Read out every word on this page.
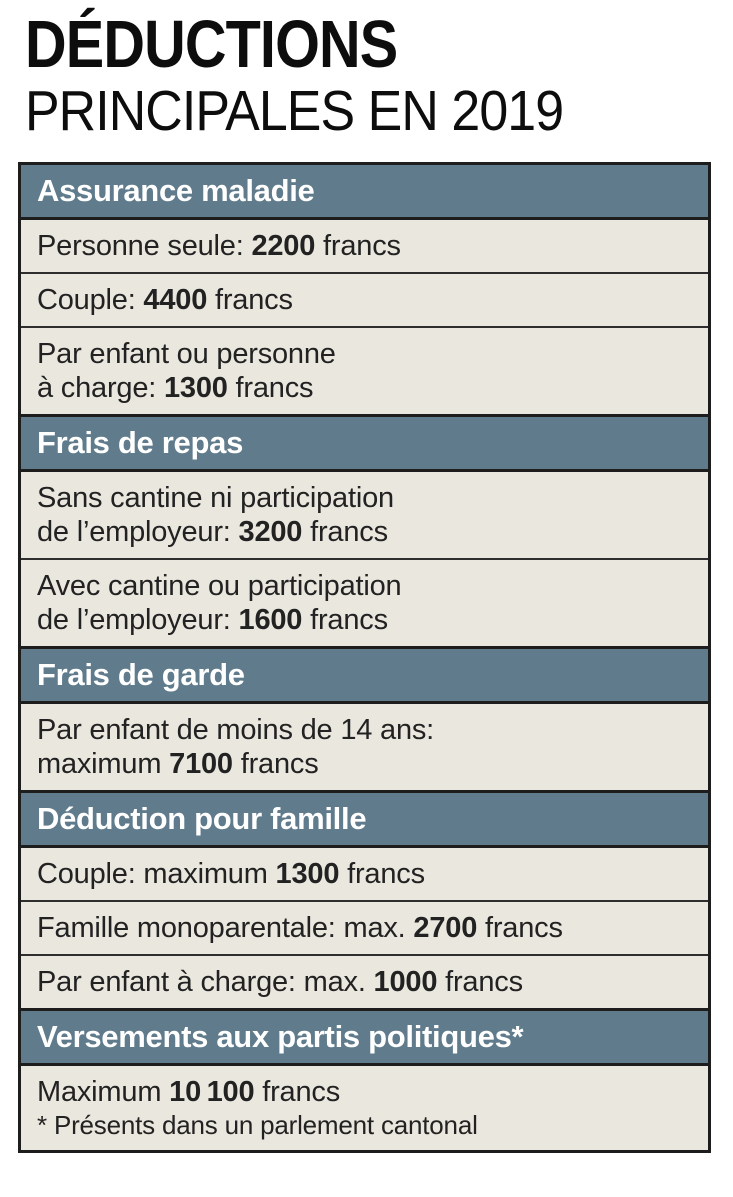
DÉDUCTIONS
PRINCIPALES EN 2019
Assurance maladie
Personne seule: 2200 francs
Couple: 4400 francs
Par enfant ou personne
à charge: 1300 francs
Frais de repas
Sans cantine ni participation
de l’employeur: 3200 francs
Avec cantine ou participation
de l’employeur: 1600 francs
Frais de garde
Par enfant de moins de 14 ans:
maximum 7100 francs
Déduction pour famille
Couple: maximum 1300 francs
Famille monoparentale: max. 2700 francs
Par enfant à charge: max. 1000 francs
Versements aux partis politiques*
Maximum 10 100 francs
* Présents dans un parlement cantonal
